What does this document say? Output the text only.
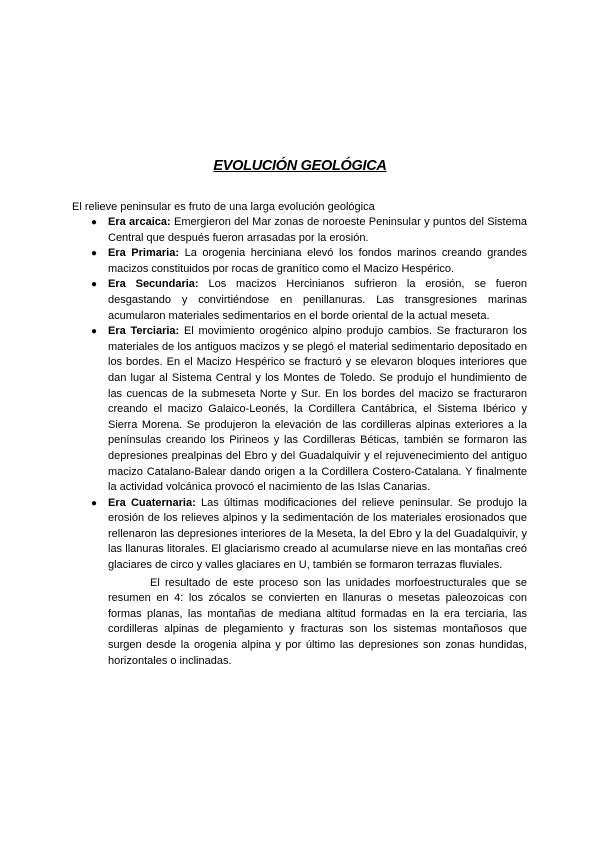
EVOLUCIÓN GEOLÓGICA
El relieve peninsular es fruto de una larga evolución geológica
● Era arcaica: Emergieron del Mar zonas de noroeste Peninsular y puntos del Sistema Central que después fueron arrasadas por la erosión.
● Era Primaria: La orogenia herciniana elevó los fondos marinos creando grandes macizos constituidos por rocas de granítico como el Macizo Hespérico.
● Era Secundaria: Los macizos Hercinianos sufrieron la erosión, se fueron desgastando y convirtiéndose en penillanuras. Las transgresiones marinas acumularon materiales sedimentarios en el borde oriental de la actual meseta.
● Era Terciaria: El movimiento orogénico alpino produjo cambios. Se fracturaron los materiales de los antiguos macizos y se plegó el material sedimentario depositado en los bordes. En el Macizo Hespérico se fracturó y se elevaron bloques interiores que dan lugar al Sistema Central y los Montes de Toledo. Se produjo el hundimiento de las cuencas de la submeseta Norte y Sur. En los bordes del macizo se fracturaron creando el macizo Galaico-Leonés, la Cordillera Cantábrica, el Sistema Ibérico y Sierra Morena. Se produjeron la elevación de las cordilleras alpinas exteriores a la penínsulas creando los Pirineos y las Cordilleras Béticas, también se formaron las depresiones prealpinas del Ebro y del Guadalquivir y el rejuvenecimiento del antiguo macizo Catalano-Balear dando origen a la Cordillera Costero-Catalana. Y finalmente la actividad volcánica provocó el nacimiento de las Islas Canarias.
● Era Cuaternaria: Las últimas modificaciones del relieve peninsular. Se produjo la erosión de los relieves alpinos y la sedimentación de los materiales erosionados que rellenaron las depresiones interiores de la Meseta, la del Ebro y la del Guadalquivir, y las llanuras litorales. El glaciarismo creado al acumularse nieve en las montañas creó glaciares de circo y valles glaciares en U, también se formaron terrazas fluviales.
El resultado de este proceso son las unidades morfoestructurales que se resumen en 4: los zócalos se convierten en llanuras o mesetas paleozoicas con formas planas, las montañas de mediana altitud formadas en la era terciaria, las cordilleras alpinas de plegamiento y fracturas son los sistemas montañosos que surgen desde la orogenia alpina y por último las depresiones son zonas hundidas, horizontales o inclinadas.
